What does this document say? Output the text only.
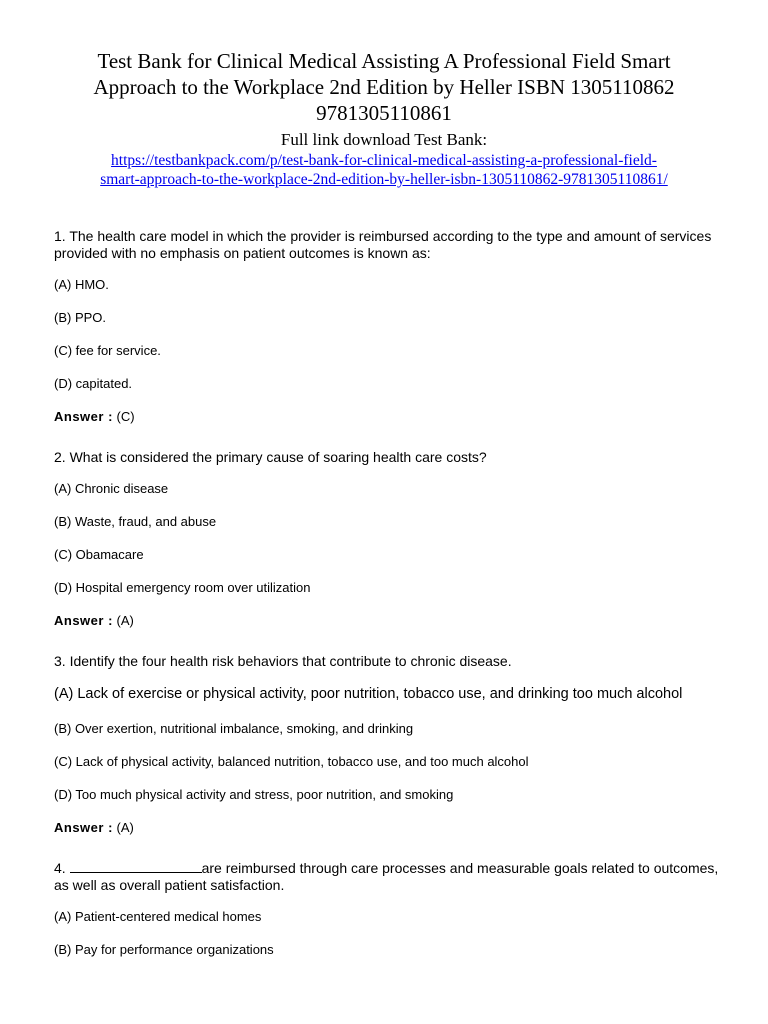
Test Bank for Clinical Medical Assisting A Professional Field Smart
Approach to the Workplace 2nd Edition by Heller ISBN 1305110862
9781305110861
Full link download Test Bank:
https://testbankpack.com/p/test-bank-for-clinical-medical-assisting-a-professional-field-
smart-approach-to-the-workplace-2nd-edition-by-heller-isbn-1305110862-9781305110861/

1. The health care model in which the provider is reimbursed according to the type and amount of services provided with no emphasis on patient outcomes is known as:

(A) HMO.

(B) PPO.

(C) fee for service.

(D) capitated.

Answer : (C)

2. What is considered the primary cause of soaring health care costs?

(A) Chronic disease

(B) Waste, fraud, and abuse

(C) Obamacare

(D) Hospital emergency room over utilization

Answer : (A)

3. Identify the four health risk behaviors that contribute to chronic disease.

(A) Lack of exercise or physical activity, poor nutrition, tobacco use, and drinking too much alcohol

(B) Over exertion, nutritional imbalance, smoking, and drinking

(C) Lack of physical activity, balanced nutrition, tobacco use, and too much alcohol

(D) Too much physical activity and stress, poor nutrition, and smoking

Answer : (A)

4.	are reimbursed through care processes and measurable goals related to outcomes, as well as overall patient satisfaction.

(A) Patient-centered medical homes

(B) Pay for performance organizations
